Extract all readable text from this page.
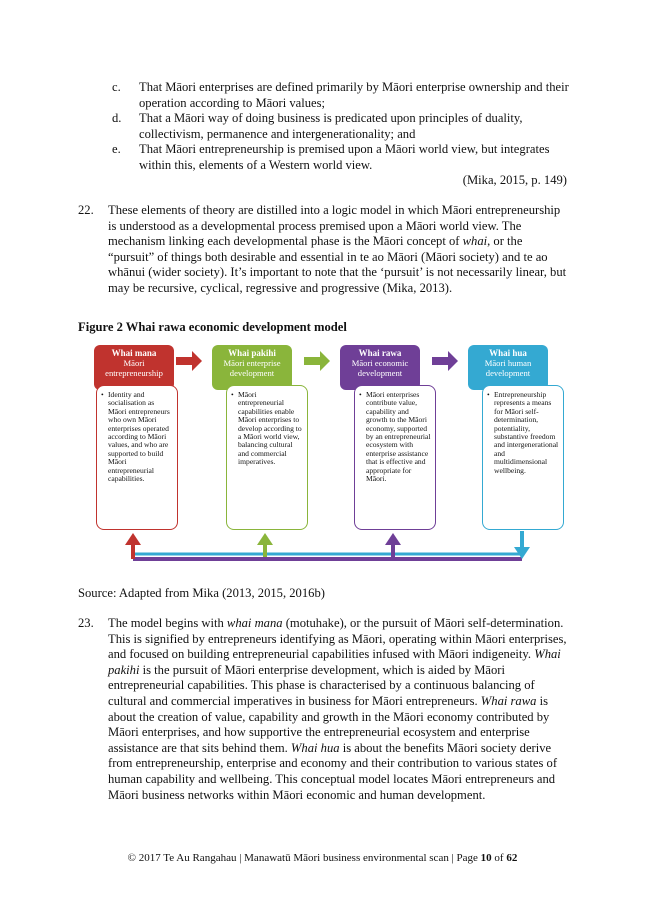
c. That Māori enterprises are defined primarily by Māori enterprise ownership and their operation according to Māori values;
d. That a Māori way of doing business is predicated upon principles of duality, collectivism, permanence and intergenerationality; and
e. That Māori entrepreneurship is premised upon a Māori world view, but integrates within this, elements of a Western world view.
(Mika, 2015, p. 149)
22. These elements of theory are distilled into a logic model in which Māori entrepreneurship is understood as a developmental process premised upon a Māori world view. The mechanism linking each developmental phase is the Māori concept of whai, or the “pursuit” of things both desirable and essential in te ao Māori (Māori society) and te ao whānui (wider society). It’s important to note that the ‘pursuit’ is not necessarily linear, but may be recursive, cyclical, regressive and progressive (Mika, 2013).
Figure 2 Whai rawa economic development model
Whai mana
Māori entrepreneurship
• Identity and socialisation as Māori entrepreneurs who own Māori enterprises operated according to Māori values, and who are supported to build Māori entrepreneurial capabilities.
Whai pakihi
Māori enterprise development
• Māori entrepreneurial capabilities enable Māori enterprises to develop according to a Māori world view, balancing cultural and commercial imperatives.
Whai rawa
Māori economic development
• Māori enterprises contribute value, capability and growth to the Māori economy, supported by an entrepreneurial ecosystem with enterprise assistance that is effective and appropriate for Māori.
Whai hua
Māori human development
• Entrepreneurship represents a means for Māori self-determination, potentiality, substantive freedom and intergenerational and multidimensional wellbeing.
Source: Adapted from Mika (2013, 2015, 2016b)
23. The model begins with whai mana (motuhake), or the pursuit of Māori self-determination. This is signified by entrepreneurs identifying as Māori, operating within Māori enterprises, and focused on building entrepreneurial capabilities infused with Māori indigeneity. Whai pakihi is the pursuit of Māori enterprise development, which is aided by Māori entrepreneurial capabilities. This phase is characterised by a continuous balancing of cultural and commercial imperatives in business for Māori entrepreneurs. Whai rawa is about the creation of value, capability and growth in the Māori economy contributed by Māori enterprises, and how supportive the entrepreneurial ecosystem and enterprise assistance are that sits behind them. Whai hua is about the benefits Māori society derive from entrepreneurship, enterprise and economy and their contribution to various states of human capability and wellbeing. This conceptual model locates Māori entrepreneurs and Māori business networks within Māori economic and human development.
© 2017 Te Au Rangahau | Manawatū Māori business environmental scan | Page 10 of 62
